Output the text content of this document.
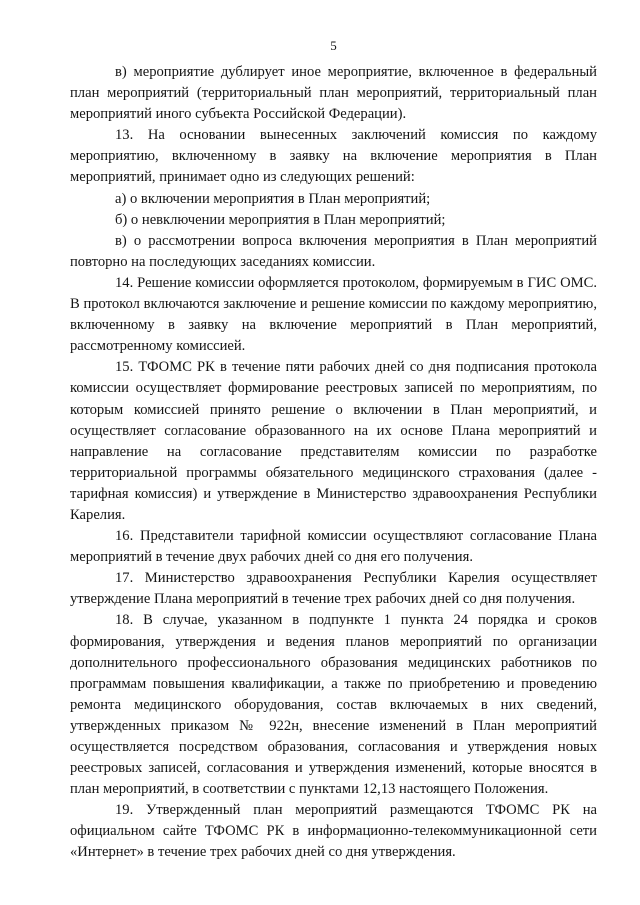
5

в) мероприятие дублирует иное мероприятие, включенное в федеральный план мероприятий (территориальный план мероприятий, территориальный план мероприятий иного субъекта Российской Федерации).

13. На основании вынесенных заключений комиссия по каждому мероприятию, включенному в заявку на включение мероприятия в План мероприятий, принимает одно из следующих решений:

а) о включении мероприятия в План мероприятий;

б) о невключении мероприятия в План мероприятий;

в) о рассмотрении вопроса включения мероприятия в План мероприятий повторно на последующих заседаниях комиссии.

14. Решение комиссии оформляется протоколом, формируемым в ГИС ОМС. В протокол включаются заключение и решение комиссии по каждому мероприятию, включенному в заявку на включение мероприятий в План мероприятий, рассмотренному комиссией.

15. ТФОМС РК в течение пяти рабочих дней со дня подписания протокола комиссии осуществляет формирование реестровых записей по мероприятиям, по которым комиссией принято решение о включении в План мероприятий, и осуществляет согласование образованного на их основе Плана мероприятий и направление на согласование представителям комиссии по разработке территориальной программы обязательного медицинского страхования (далее - тарифная комиссия) и утверждение в Министерство здравоохранения Республики Карелия.

16. Представители тарифной комиссии осуществляют согласование Плана мероприятий в течение двух рабочих дней со дня его получения.

17. Министерство здравоохранения Республики Карелия осуществляет утверждение Плана мероприятий в течение трех рабочих дней со дня получения.

18. В случае, указанном в подпункте 1 пункта 24 порядка и сроков формирования, утверждения и ведения планов мероприятий по организации дополнительного профессионального образования медицинских работников по программам повышения квалификации, а также по приобретению и проведению ремонта медицинского оборудования, состав включаемых в них сведений, утвержденных приказом № 922н, внесение изменений в План мероприятий осуществляется посредством образования, согласования и утверждения новых реестровых записей, согласования и утверждения изменений, которые вносятся в план мероприятий, в соответствии с пунктами 12,13 настоящего Положения.

19. Утвержденный план мероприятий размещаются ТФОМС РК на официальном сайте ТФОМС РК в информационно-телекоммуникационной сети «Интернет» в течение трех рабочих дней со дня утверждения.
